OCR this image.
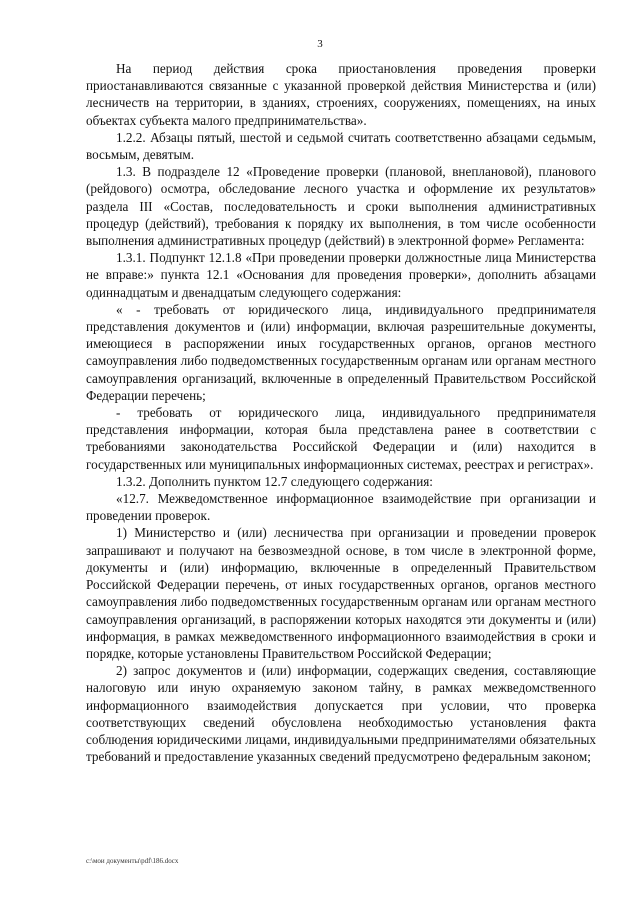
3

На период действия срока приостановления проведения проверки приостанавливаются связанные с указанной проверкой действия Министерства и (или) лесничеств на территории, в зданиях, строениях, сооружениях, помещениях, на иных объектах субъекта малого предпринимательства».

1.2.2. Абзацы пятый, шестой и седьмой считать соответственно абзацами седьмым, восьмым, девятым.

1.3. В подразделе 12 «Проведение проверки (плановой, внеплановой), планового (рейдового) осмотра, обследование лесного участка и оформление их результатов» раздела III «Состав, последовательность и сроки выполнения административных процедур (действий), требования к порядку их выполнения, в том числе особенности выполнения административных процедур (действий) в электронной форме» Регламента:

1.3.1. Подпункт 12.1.8 «При проведении проверки должностные лица Министерства не вправе:» пункта 12.1 «Основания для проведения проверки», дополнить абзацами одиннадцатым и двенадцатым следующего содержания:

« - требовать от юридического лица, индивидуального предпринимателя представления документов и (или) информации, включая разрешительные документы, имеющиеся в распоряжении иных государственных органов, органов местного самоуправления либо подведомственных государственным органам или органам местного самоуправления организаций, включенные в определенный Правительством Российской Федерации перечень;

- требовать от юридического лица, индивидуального предпринимателя представления информации, которая была представлена ранее в соответствии с требованиями законодательства Российской Федерации и (или) находится в государственных или муниципальных информационных системах, реестрах и регистрах».

1.3.2. Дополнить пунктом 12.7 следующего содержания:

«12.7. Межведомственное информационное взаимодействие при организации и проведении проверок.

1) Министерство и (или) лесничества при организации и проведении проверок запрашивают и получают на безвозмездной основе, в том числе в электронной форме, документы и (или) информацию, включенные в определенный Правительством Российской Федерации перечень, от иных государственных органов, органов местного самоуправления либо подведомственных государственным органам или органам местного самоуправления организаций, в распоряжении которых находятся эти документы и (или) информация, в рамках межведомственного информационного взаимодействия в сроки и порядке, которые установлены Правительством Российской Федерации;

2) запрос документов и (или) информации, содержащих сведения, составляющие налоговую или иную охраняемую законом тайну, в рамках межведомственного информационного взаимодействия допускается при условии, что проверка соответствующих сведений обусловлена необходимостью установления факта соблюдения юридическими лицами, индивидуальными предпринимателями обязательных требований и предоставление указанных сведений предусмотрено федеральным законом;

c:\мои документы\pdf\186.docx
